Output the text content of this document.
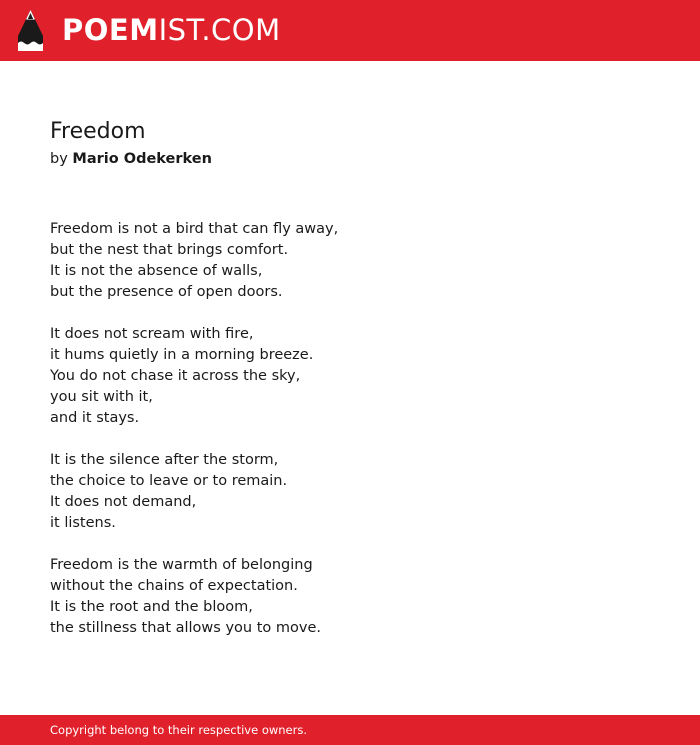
POEMIST.COM
Freedom
by Mario Odekerken
Freedom is not a bird that can fly away,
but the nest that brings comfort.
It is not the absence of walls,
but the presence of open doors.
It does not scream with fire,
it hums quietly in a morning breeze.
You do not chase it across the sky,
you sit with it,
and it stays.
It is the silence after the storm,
the choice to leave or to remain.
It does not demand,
it listens.
Freedom is the warmth of belonging
without the chains of expectation.
It is the root and the bloom,
the stillness that allows you to move.
Copyright belong to their respective owners.
